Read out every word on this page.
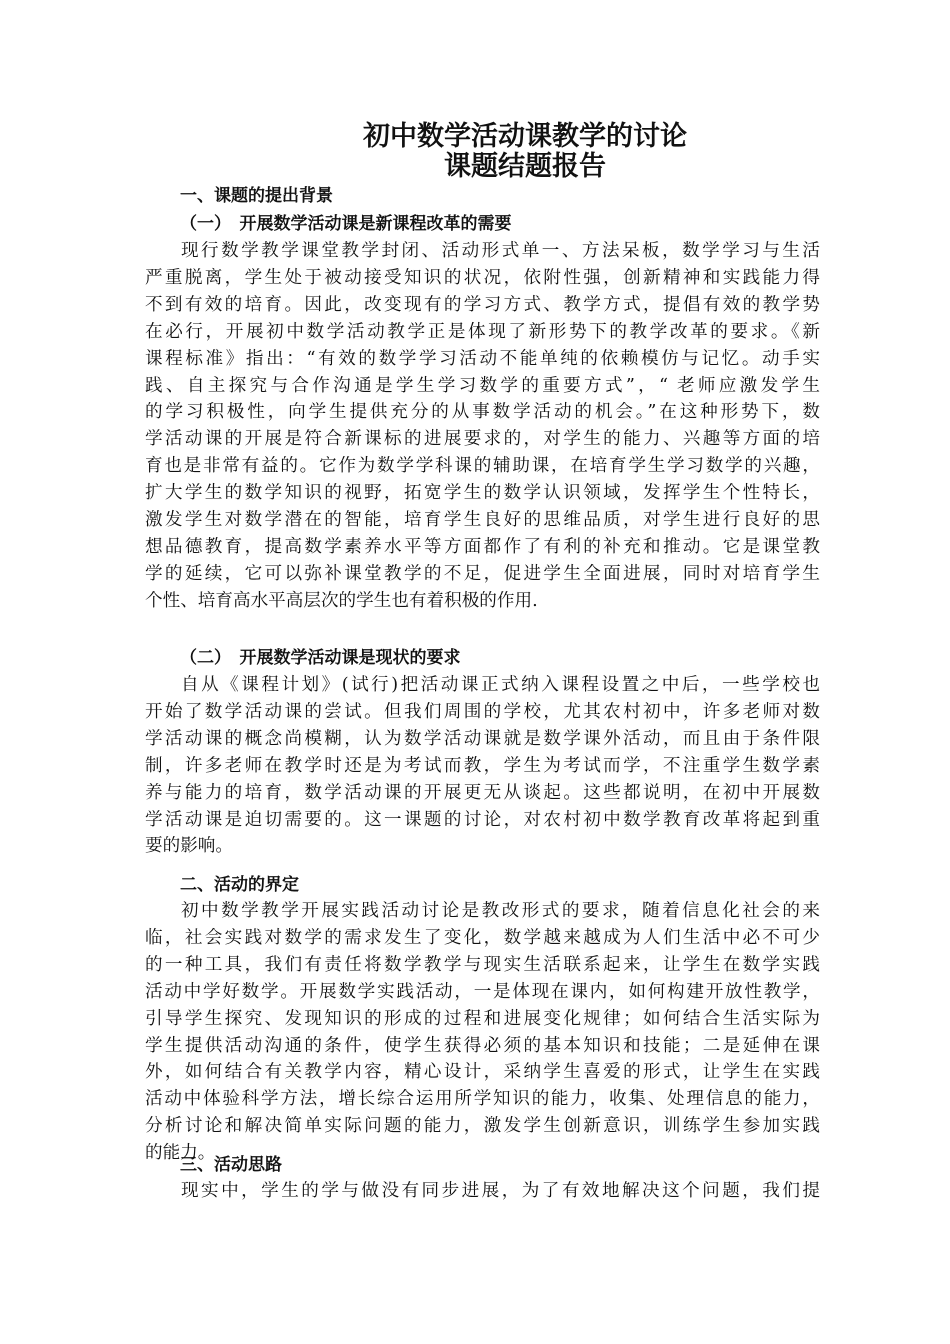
初中数学活动课教学的讨论
课题结题报告
一、课题的提出背景
（一）　开展数学活动课是新课程改革的需要
现行数学教学课堂教学封闭、活动形式单一、方法呆板，数学学习与生活
严重脱离，学生处于被动接受知识的状况，依附性强，创新精神和实践能力得
不到有效的培育。因此，改变现有的学习方式、教学方式，提倡有效的教学势
在必行，开展初中数学活动教学正是体现了新形势下的教学改革的要求。《新
课程标准》指出：“有效的数学学习活动不能单纯的依赖模仿与记忆。动手实
践、自主探究与合作沟通是学生学习数学的重要方式”，“ 老师应激发学生
的学习积极性，向学生提供充分的从事数学活动的机会。”在这种形势下，数
学活动课的开展是符合新课标的进展要求的，对学生的能力、兴趣等方面的培
育也是非常有益的。它作为数学学科课的辅助课，在培育学生学习数学的兴趣，
扩大学生的数学知识的视野，拓宽学生的数学认识领域，发挥学生个性特长，
激发学生对数学潜在的智能，培育学生良好的思维品质，对学生进行良好的思
想品德教育，提高数学素养水平等方面都作了有利的补充和推动。它是课堂教
学的延续，它可以弥补课堂教学的不足，促进学生全面进展，同时对培育学生
个性、培育高水平高层次的学生也有着积极的作用.
（二）　开展数学活动课是现状的要求
自从《课程计划》(试行)把活动课正式纳入课程设置之中后，一些学校也
开始了数学活动课的尝试。但我们周围的学校，尤其农村初中，许多老师对数
学活动课的概念尚模糊，认为数学活动课就是数学课外活动，而且由于条件限
制，许多老师在教学时还是为考试而教，学生为考试而学，不注重学生数学素
养与能力的培育，数学活动课的开展更无从谈起。这些都说明，在初中开展数
学活动课是迫切需要的。这一课题的讨论，对农村初中数学教育改革将起到重
要的影响。
二、活动的界定
初中数学教学开展实践活动讨论是教改形式的要求，随着信息化社会的来
临，社会实践对数学的需求发生了变化，数学越来越成为人们生活中必不可少
的一种工具，我们有责任将数学教学与现实生活联系起来，让学生在数学实践
活动中学好数学。开展数学实践活动，一是体现在课内，如何构建开放性教学，
引导学生探究、发现知识的形成的过程和进展变化规律；如何结合生活实际为
学生提供活动沟通的条件，使学生获得必须的基本知识和技能；二是延伸在课
外，如何结合有关教学内容，精心设计，采纳学生喜爱的形式，让学生在实践
活动中体验科学方法，增长综合运用所学知识的能力，收集、处理信息的能力，
分析讨论和解决简单实际问题的能力，激发学生创新意识，训练学生参加实践
的能力。
三、活动思路
现实中，学生的学与做没有同步进展，为了有效地解决这个问题，我们提
